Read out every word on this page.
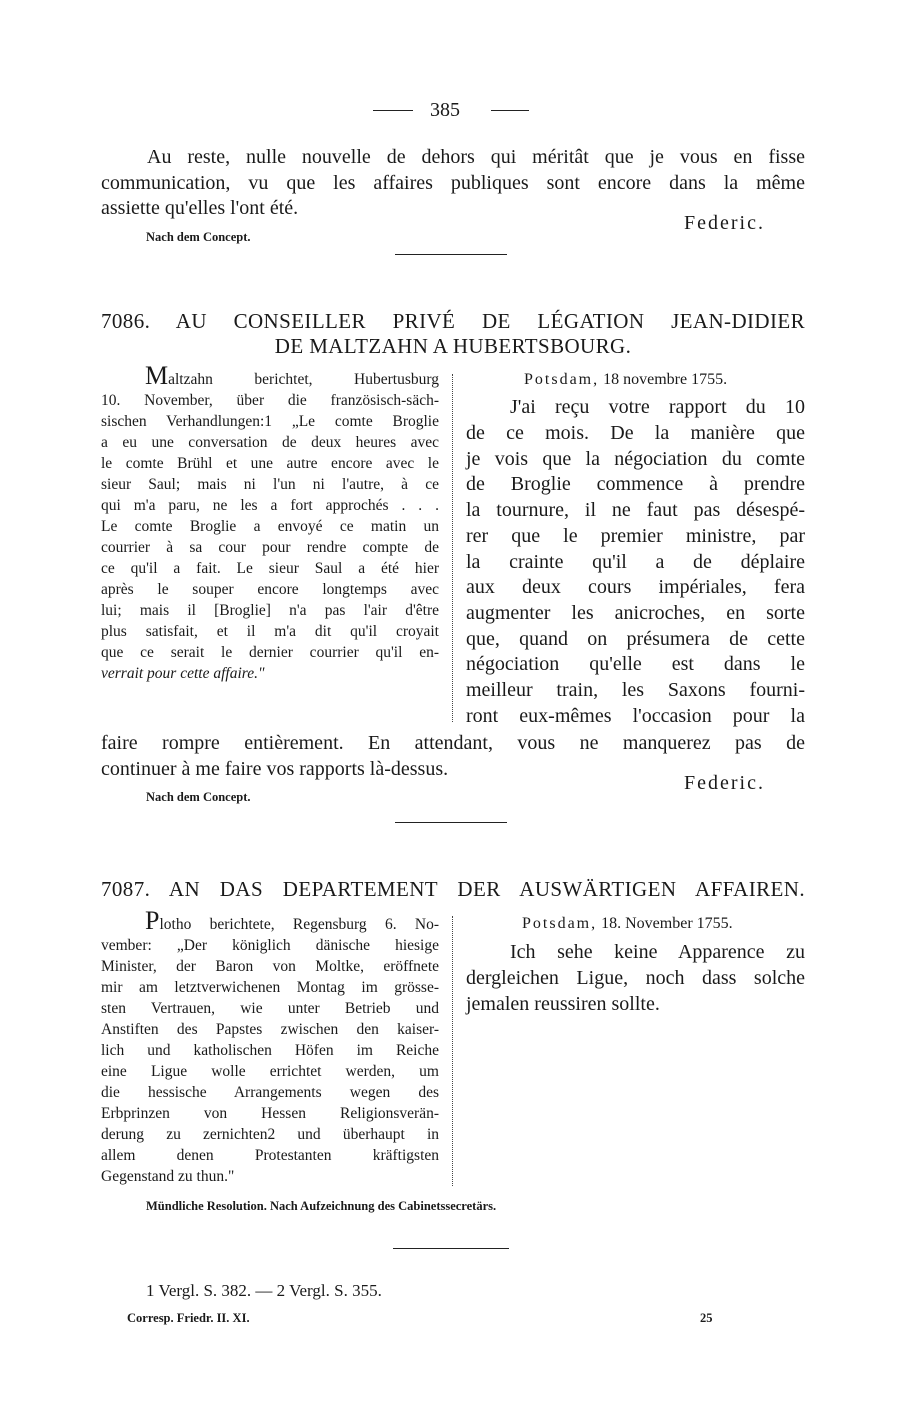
385
Au reste, nulle nouvelle de dehors qui méritât que je vous en fisse
communication, vu que les affaires publiques sont encore dans la même
assiette qu'elles l'ont été.
Federic.
Nach dem Concept.
7086. AU CONSEILLER PRIVÉ DE LÉGATION JEAN-DIDIER
DE MALTZAHN A HUBERTSBOURG.
Maltzahn berichtet, Hubertusburg
10. November, über die französisch-säch-
sischen Verhandlungen:1 „Le comte Broglie
a eu une conversation de deux heures avec
le comte Brühl et une autre encore avec le
sieur Saul; mais ni l'un ni l'autre, à ce
qui m'a paru, ne les a fort approchés . . .
Le comte Broglie a envoyé ce matin un
courrier à sa cour pour rendre compte de
ce qu'il a fait. Le sieur Saul a été hier
après le souper encore longtemps avec
lui; mais il [Broglie] n'a pas l'air d'être
plus satisfait, et il m'a dit qu'il croyait
que ce serait le dernier courrier qu'il en-
verrait pour cette affaire."
Potsdam, 18 novembre 1755.
J'ai reçu votre rapport du 10
de ce mois. De la manière que
je vois que la négociation du comte
de Broglie commence à prendre
la tournure, il ne faut pas désespé-
rer que le premier ministre, par
la crainte qu'il a de déplaire
aux deux cours impériales, fera
augmenter les anicroches, en sorte
que, quand on présumera de cette
négociation qu'elle est dans le
meilleur train, les Saxons fourni-
ront eux-mêmes l'occasion pour la
faire rompre entièrement. En attendant, vous ne manquerez pas de
continuer à me faire vos rapports là-dessus.
Federic.
Nach dem Concept.
7087. AN DAS DEPARTEMENT DER AUSWÄRTIGEN AFFAIREN.
Plotho berichtete, Regensburg 6. No-
vember: „Der königlich dänische hiesige
Minister, der Baron von Moltke, eröffnete
mir am letztverwichenen Montag im grösse-
sten Vertrauen, wie unter Betrieb und
Anstiften des Papstes zwischen den kaiser-
lich und katholischen Höfen im Reiche
eine Ligue wolle errichtet werden, um
die hessische Arrangements wegen des
Erbprinzen von Hessen Religionsverän-
derung zu zernichten2 und überhaupt in
allem denen Protestanten kräftigsten
Gegenstand zu thun."
Potsdam, 18. November 1755.
Ich sehe keine Apparence zu
dergleichen Ligue, noch dass solche
jemalen reussiren sollte.
Mündliche Resolution. Nach Aufzeichnung des Cabinetssecretärs.
1 Vergl. S. 382. — 2 Vergl. S. 355.
Corresp. Friedr. II. XI.	25
